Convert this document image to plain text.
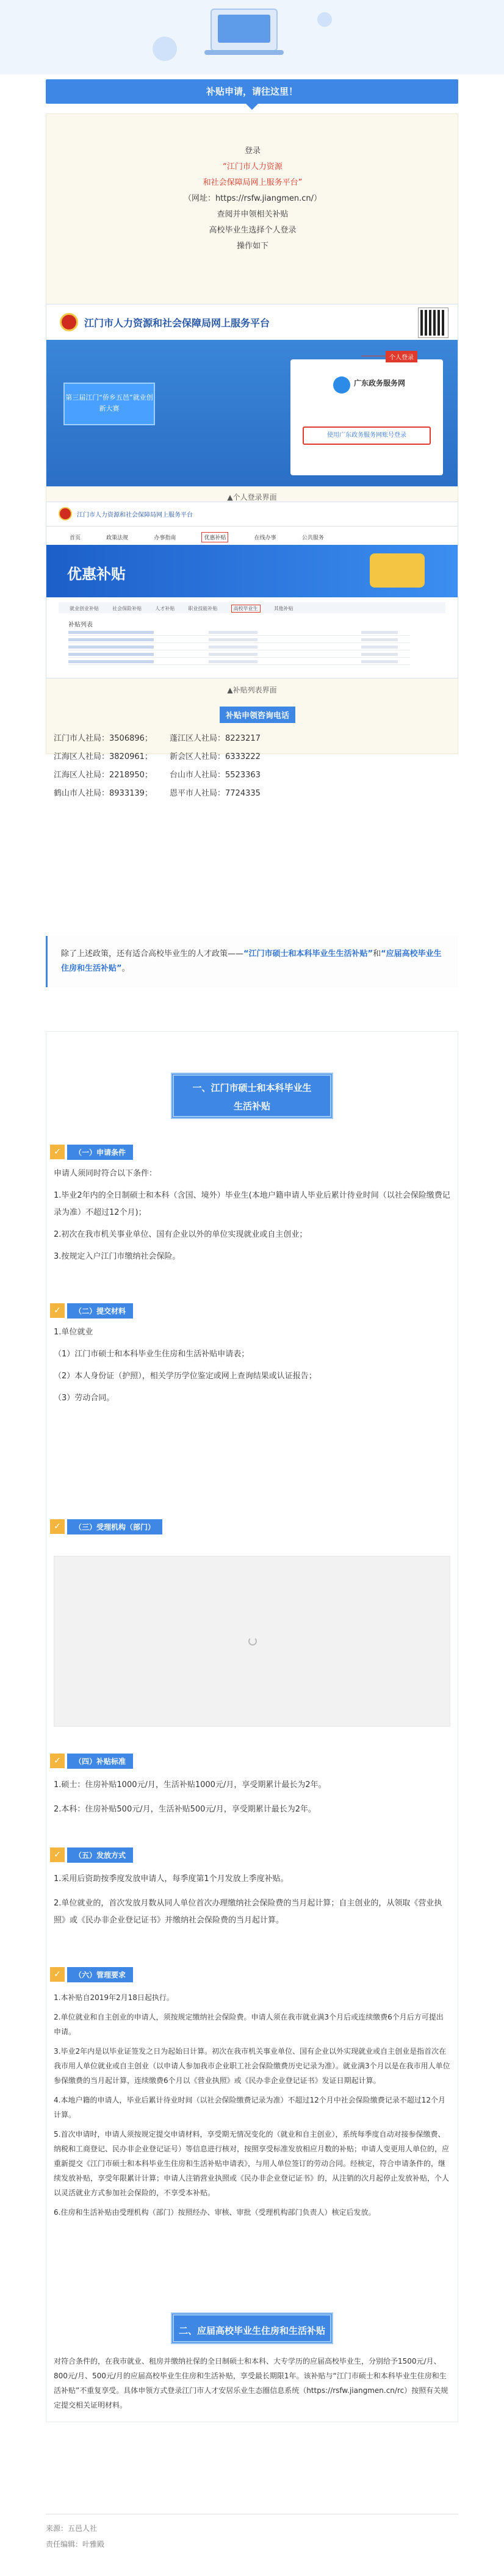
补贴申请，请往这里！
登录
“江门市人力资源
和社会保障局网上服务平台”
（网址：https://rsfw.jiangmen.cn/）
查阅并申领相关补贴
高校毕业生选择个人登录
操作如下
江门市人力资源和社会保障局网上服务平台
第三届江门“侨乡五邑”就业创新大赛
广东政务服务网
使用广东政务服务网账号登录
个人登录
▲个人登录界面
江门市人力资源和社会保障局网上服务平台
首页	政策法规	办事指南	优惠补贴	在线办事	公共服务
优惠补贴
就业创业补贴	社会保险补贴	人才补贴	职业技能补贴	高校毕业生	其他补贴
补贴列表
▲补贴列表界面
补贴申领咨询电话
江门市人社局：3506896；	蓬江区人社局：8223217
江海区人社局：3820961；	新会区人社局：6333222
江海区人社局：2218950；	台山市人社局：5523363
鹤山市人社局：8933139；	恩平市人社局：7724335
除了上述政策，还有适合高校毕业生的人才政策——“江门市硕士和本科毕业生生活补贴”和“应届高校毕业生住房和生活补贴”。
一、江门市硕士和本科毕业生
生活补贴
✓	（一）申请条件
申请人须同时符合以下条件：
1.毕业2年内的全日制硕士和本科（含国、境外）毕业生(本地户籍申请人毕业后累计待业时间（以社会保险缴费记录为准）不超过12个月)；
2.初次在我市机关事业单位、国有企业以外的单位实现就业或自主创业；
3.按规定入户江门市缴纳社会保险。
✓	（二）提交材料
1.单位就业
（1）江门市硕士和本科毕业生住房和生活补贴申请表；
（2）本人身份证（护照），相关学历学位鉴定或网上查询结果或认证报告；
（3）劳动合同。
✓	（三）受理机构（部门）
✓	（四）补贴标准
1.硕士：住房补贴1000元/月，生活补贴1000元/月，享受期累计最长为2年。
2.本科：住房补贴500元/月，生活补贴500元/月，享受期累计最长为2年。
✓	（五）发放方式
1.采用后资助按季度发放申请人，每季度第1个月发放上季度补贴。
2.单位就业的，首次发放月数从同人单位首次办理缴纳社会保险费的当月起计算；自主创业的，从领取《营业执照》或《民办非企业登记证书》并缴纳社会保险费的当月起计算。
✓	（六）管理要求
1.本补贴自2019年2月18日起执行。
2.单位就业和自主创业的申请人，须按规定缴纳社会保险费。申请人须在我市就业满3个月后或连续缴费6个月后方可提出申请。
3.毕业2年内是以毕业证签发之日为起始日计算。初次在我市机关事业单位、国有企业以外实现就业或自主创业是指首次在我市用人单位就业或自主创业（以申请人参加我市企业职工社会保险缴费历史记录为准）。就业满3个月以是在我市用人单位参保缴费的当月起计算，连续缴费6个月以《营业执照》或《民办非企业登记证书》发证日期起计算。
4.本地户籍的申请人，毕业后累计待业时间（以社会保险缴费记录为准）不超过12个月中社会保险缴费记录不超过12个月计算。
5.首次申请时，申请人须按规定提交申请材料，享受期无情况变化的（就业和自主创业），系统每季度自动对接参保缴费、纳税和工商登记、民办非企业登记证号）等信息进行核对，按照享受标准发放相应月数的补贴；申请人变更用人单位的，应重新提交《江门市硕士和本科毕业生住房和生活补贴申请表》，与用人单位签订的劳动合同。经核定，符合申请条件的，继续发放补贴，享受年限累计计算；申请人注销营业执照或《民办非企业登记证书》的，从注销的次月起停止发放补贴，个人以灵活就业方式参加社会保险的，不享受本补贴。
6.住房和生活补贴由受理机构（部门）按照经办、审核、审批（受理机构部门负责人）核定后发放。
二、应届高校毕业生住房和生活补贴
对符合条件的，在我市就业、租房并缴纳社保的全日制硕士和本科、大专学历的应届高校毕业生，分别给予1500元/月、800元/月、500元/月的应届高校毕业生住房和生活补贴，享受最长期限1年。该补贴与“江门市硕士和本科毕业生住房和生活补贴”不重复享受。具体申领方式登录江门市人才安居乐业生态圈信息系统（https://rsfw.jiangmen.cn/rc）按照有关规定提交相关证明材料。
来源：五邑人社
责任编辑：叶雅殿
